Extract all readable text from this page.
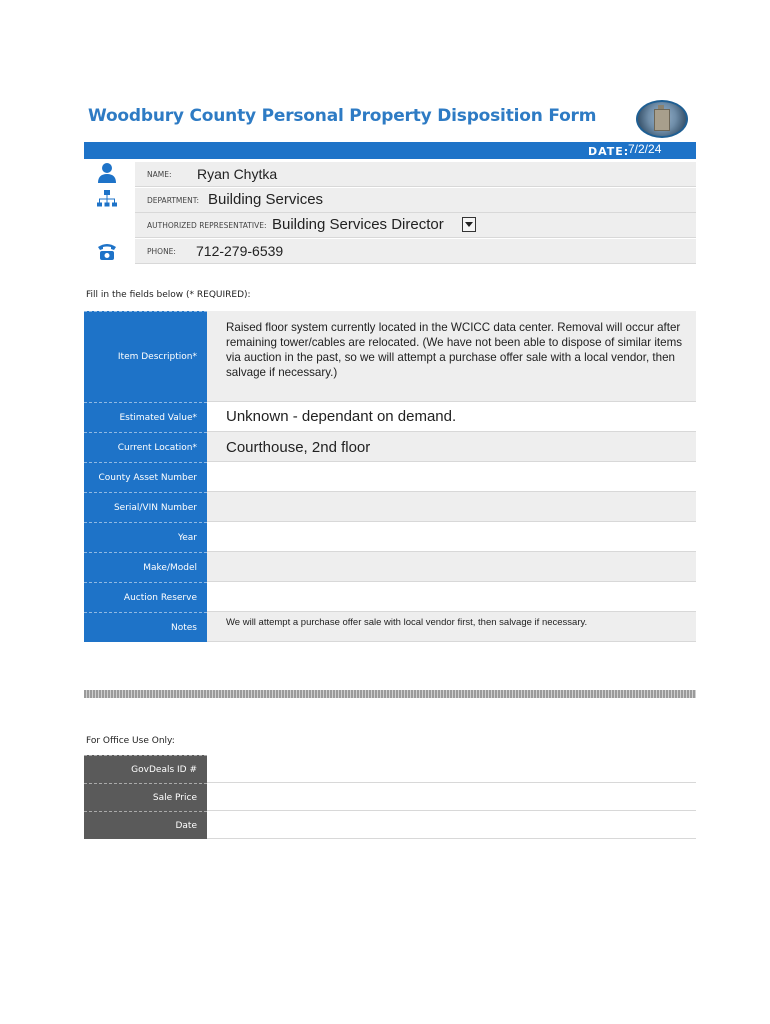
Woodbury County Personal Property Disposition Form
DATE:
7/2/24
NAME: Ryan Chytka
DEPARTMENT: Building Services
AUTHORIZED REPRESENTATIVE: Building Services Director
PHONE: 712-279-6539
Fill in the fields below (* REQUIRED):
Item Description*
Raised floor system currently located in the WCICC data center. Removal will occur after remaining tower/cables are relocated. (We have not been able to dispose of similar items via auction in the past, so we will attempt a purchase offer sale with a local vendor, then salvage if necessary.)
Estimated Value*	Unknown - dependant on demand.
Current Location*	Courthouse, 2nd floor
County Asset Number
Serial/VIN Number
Year
Make/Model
Auction Reserve
Notes	We will attempt a purchase offer sale with local vendor first, then salvage if necessary.
For Office Use Only:
GovDeals ID #
Sale Price
Date
